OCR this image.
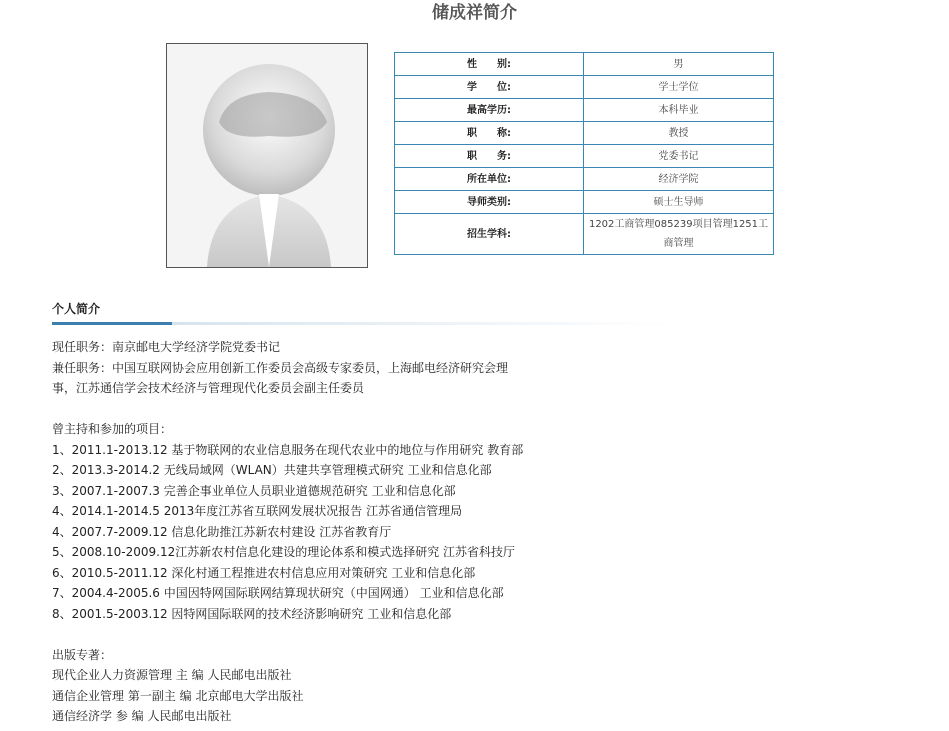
储成祥简介
性　　别:	男
学　　位:	学士学位
最高学历:	本科毕业
职　　称:	教授
职　　务:	党委书记
所在单位:	经济学院
导师类别:	硕士生导师
招生学科:	1202工商管理085239项目管理1251工
商管理
个人简介
现任职务：南京邮电大学经济学院党委书记
兼任职务：中国互联网协会应用创新工作委员会高级专家委员，上海邮电经济研究会理
事，江苏通信学会技术经济与管理现代化委员会副主任委员
曾主持和参加的项目：
1、2011.1-2013.12 基于物联网的农业信息服务在现代农业中的地位与作用研究 教育部
2、2013.3-2014.2 无线局域网（WLAN）共建共享管理模式研究 工业和信息化部
3、2007.1-2007.3 完善企事业单位人员职业道德规范研究 工业和信息化部
4、2014.1-2014.5 2013年度江苏省互联网发展状况报告 江苏省通信管理局
4、2007.7-2009.12 信息化助推江苏新农村建设 江苏省教育厅
5、2008.10-2009.12江苏新农村信息化建设的理论体系和模式选择研究 江苏省科技厅
6、2010.5-2011.12 深化村通工程推进农村信息应用对策研究 工业和信息化部
7、2004.4-2005.6 中国因特网国际联网结算现状研究（中国网通） 工业和信息化部
8、2001.5-2003.12 因特网国际联网的技术经济影响研究 工业和信息化部
出版专著：
现代企业人力资源管理 主 编 人民邮电出版社
通信企业管理 第一副主 编 北京邮电大学出版社
通信经济学 参 编 人民邮电出版社
